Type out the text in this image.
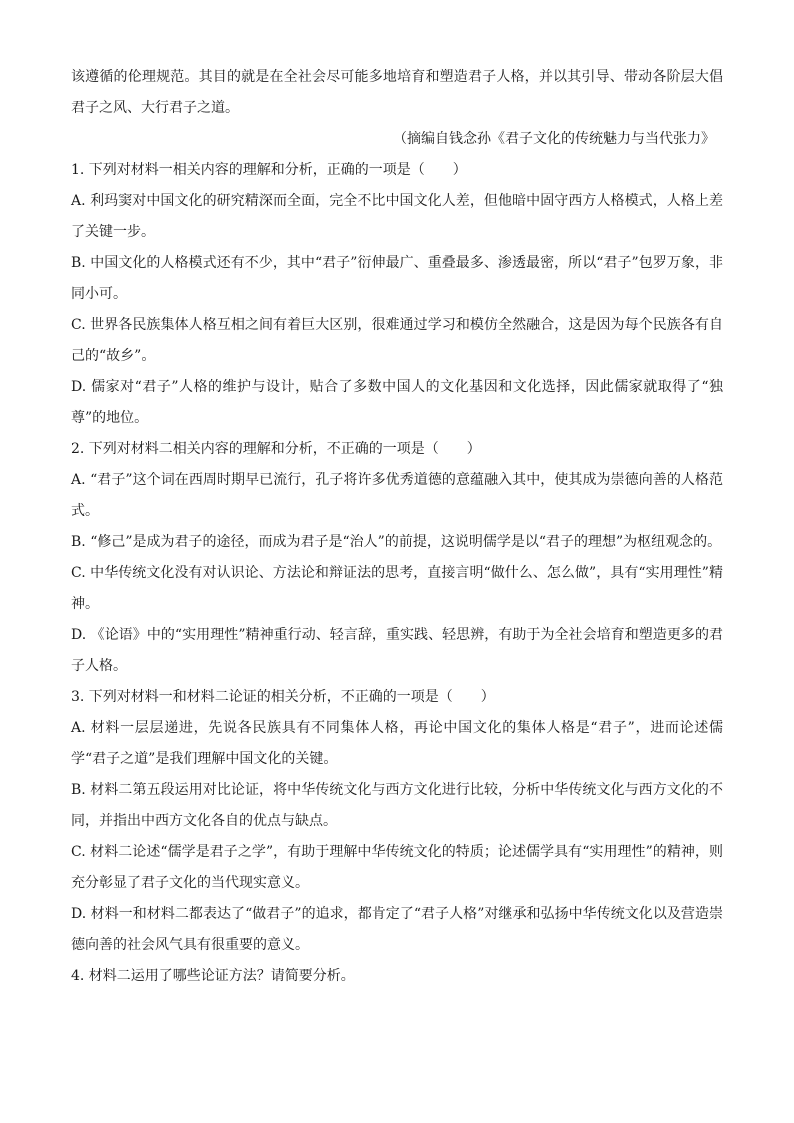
该遵循的伦理规范。其目的就是在全社会尽可能多地培育和塑造君子人格，并以其引导、带动各阶层大倡君子之风、大行君子之道。

（摘编自钱念孙《君子文化的传统魅力与当代张力》

1. 下列对材料一相关内容的理解和分析，正确的一项是（　　）

A. 利玛窦对中国文化的研究精深而全面，完全不比中国文化人差，但他暗中固守西方人格模式，人格上差了关键一步。

B. 中国文化的人格模式还有不少，其中“君子”衍伸最广、重叠最多、渗透最密，所以“君子”包罗万象，非同小可。

C. 世界各民族集体人格互相之间有着巨大区别，很难通过学习和模仿全然融合，这是因为每个民族各有自己的“故乡”。

D. 儒家对“君子”人格的维护与设计，贴合了多数中国人的文化基因和文化选择，因此儒家就取得了“独尊”的地位。

2. 下列对材料二相关内容的理解和分析，不正确的一项是（　　）

A. “君子”这个词在西周时期早已流行，孔子将许多优秀道德的意蕴融入其中，使其成为崇德向善的人格范式。

B. “修己”是成为君子的途径，而成为君子是“治人”的前提，这说明儒学是以“君子的理想”为枢纽观念的。

C. 中华传统文化没有对认识论、方法论和辩证法的思考，直接言明“做什么、怎么做”，具有“实用理性”精神。

D. 《论语》中的“实用理性”精神重行动、轻言辞，重实践、轻思辨，有助于为全社会培育和塑造更多的君子人格。

3. 下列对材料一和材料二论证的相关分析，不正确的一项是（　　）

A. 材料一层层递进，先说各民族具有不同集体人格，再论中国文化的集体人格是“君子”，进而论述儒学“君子之道”是我们理解中国文化的关键。

B. 材料二第五段运用对比论证，将中华传统文化与西方文化进行比较，分析中华传统文化与西方文化的不同，并指出中西方文化各自的优点与缺点。

C. 材料二论述“儒学是君子之学”，有助于理解中华传统文化的特质；论述儒学具有“实用理性”的精神，则充分彰显了君子文化的当代现实意义。

D. 材料一和材料二都表达了“做君子”的追求，都肯定了“君子人格”对继承和弘扬中华传统文化以及营造崇德向善的社会风气具有很重要的意义。

4. 材料二运用了哪些论证方法？请简要分析。
